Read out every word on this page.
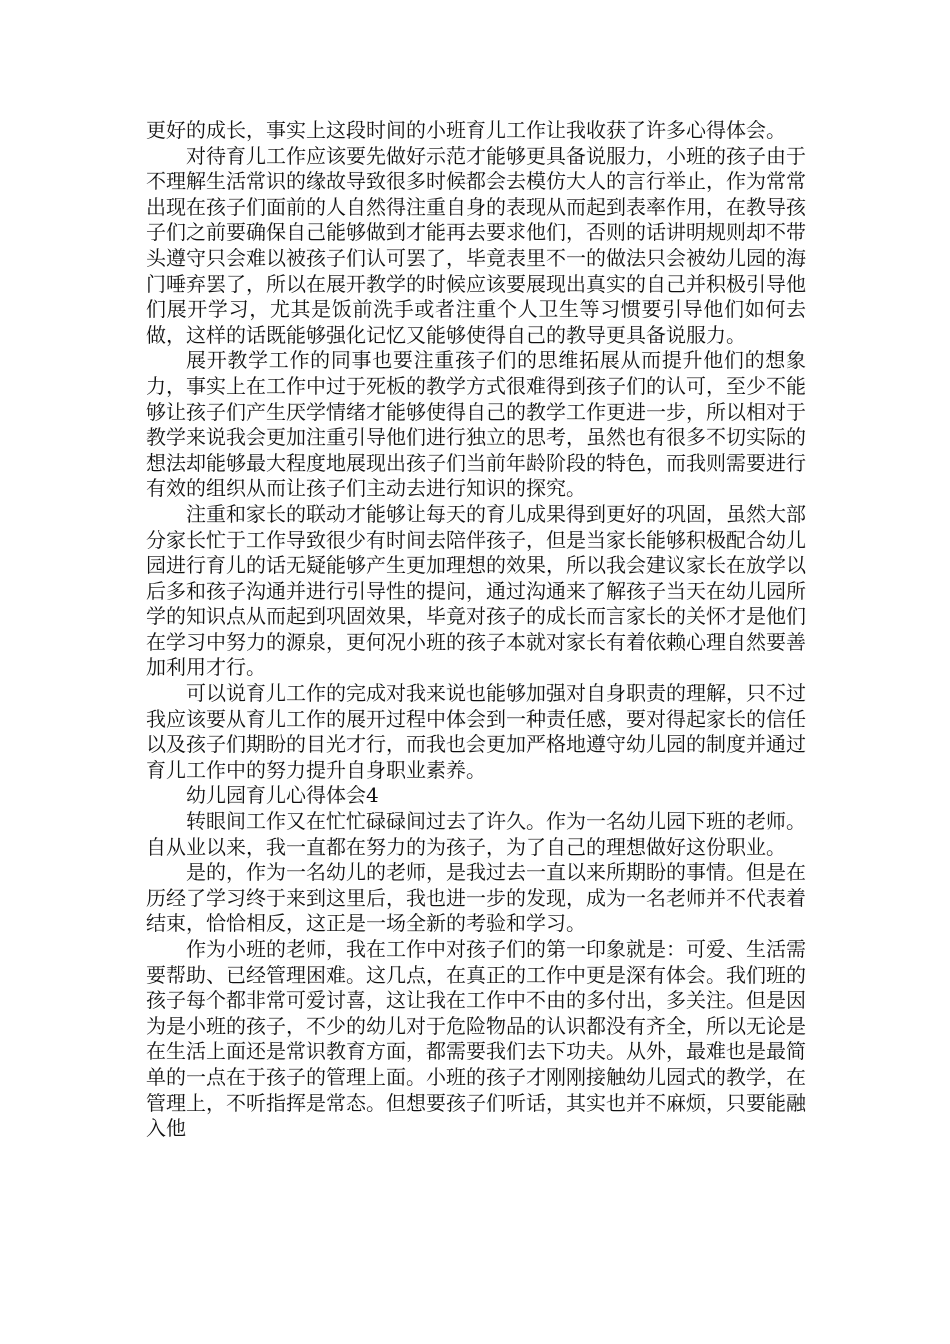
更好的成长，事实上这段时间的小班育儿工作让我收获了许多心得体会。

对待育儿工作应该要先做好示范才能够更具备说服力，小班的孩子由于不理解生活常识的缘故导致很多时候都会去模仿大人的言行举止，作为常常出现在孩子们面前的人自然得注重自身的表现从而起到表率作用，在教导孩子们之前要确保自己能够做到才能再去要求他们，否则的话讲明规则却不带头遵守只会难以被孩子们认可罢了，毕竟表里不一的做法只会被幼儿园的海门唾弃罢了，所以在展开教学的时候应该要展现出真实的自己并积极引导他们展开学习，尤其是饭前洗手或者注重个人卫生等习惯要引导他们如何去做，这样的话既能够强化记忆又能够使得自己的教导更具备说服力。

展开教学工作的同事也要注重孩子们的思维拓展从而提升他们的想象力，事实上在工作中过于死板的教学方式很难得到孩子们的认可，至少不能够让孩子们产生厌学情绪才能够使得自己的教学工作更进一步，所以相对于教学来说我会更加注重引导他们进行独立的思考，虽然也有很多不切实际的想法却能够最大程度地展现出孩子们当前年龄阶段的特色，而我则需要进行有效的组织从而让孩子们主动去进行知识的探究。

注重和家长的联动才能够让每天的育儿成果得到更好的巩固，虽然大部分家长忙于工作导致很少有时间去陪伴孩子，但是当家长能够积极配合幼儿园进行育儿的话无疑能够产生更加理想的效果，所以我会建议家长在放学以后多和孩子沟通并进行引导性的提问，通过沟通来了解孩子当天在幼儿园所学的知识点从而起到巩固效果，毕竟对孩子的成长而言家长的关怀才是他们在学习中努力的源泉，更何况小班的孩子本就对家长有着依赖心理自然要善加利用才行。

可以说育儿工作的完成对我来说也能够加强对自身职责的理解，只不过我应该要从育儿工作的展开过程中体会到一种责任感，要对得起家长的信任以及孩子们期盼的目光才行，而我也会更加严格地遵守幼儿园的制度并通过育儿工作中的努力提升自身职业素养。

幼儿园育儿心得体会4

转眼间工作又在忙忙碌碌间过去了许久。作为一名幼儿园下班的老师。自从业以来，我一直都在努力的为孩子，为了自己的理想做好这份职业。

是的，作为一名幼儿的老师，是我过去一直以来所期盼的事情。但是在历经了学习终于来到这里后，我也进一步的发现，成为一名老师并不代表着结束，恰恰相反，这正是一场全新的考验和学习。

作为小班的老师，我在工作中对孩子们的第一印象就是：可爱、生活需要帮助、已经管理困难。这几点，在真正的工作中更是深有体会。我们班的孩子每个都非常可爱讨喜，这让我在工作中不由的多付出，多关注。但是因为是小班的孩子，不少的幼儿对于危险物品的认识都没有齐全，所以无论是在生活上面还是常识教育方面，都需要我们去下功夫。从外，最难也是最简单的一点在于孩子的管理上面。小班的孩子才刚刚接触幼儿园式的教学，在管理上，不听指挥是常态。但想要孩子们听话，其实也并不麻烦，只要能融入他
